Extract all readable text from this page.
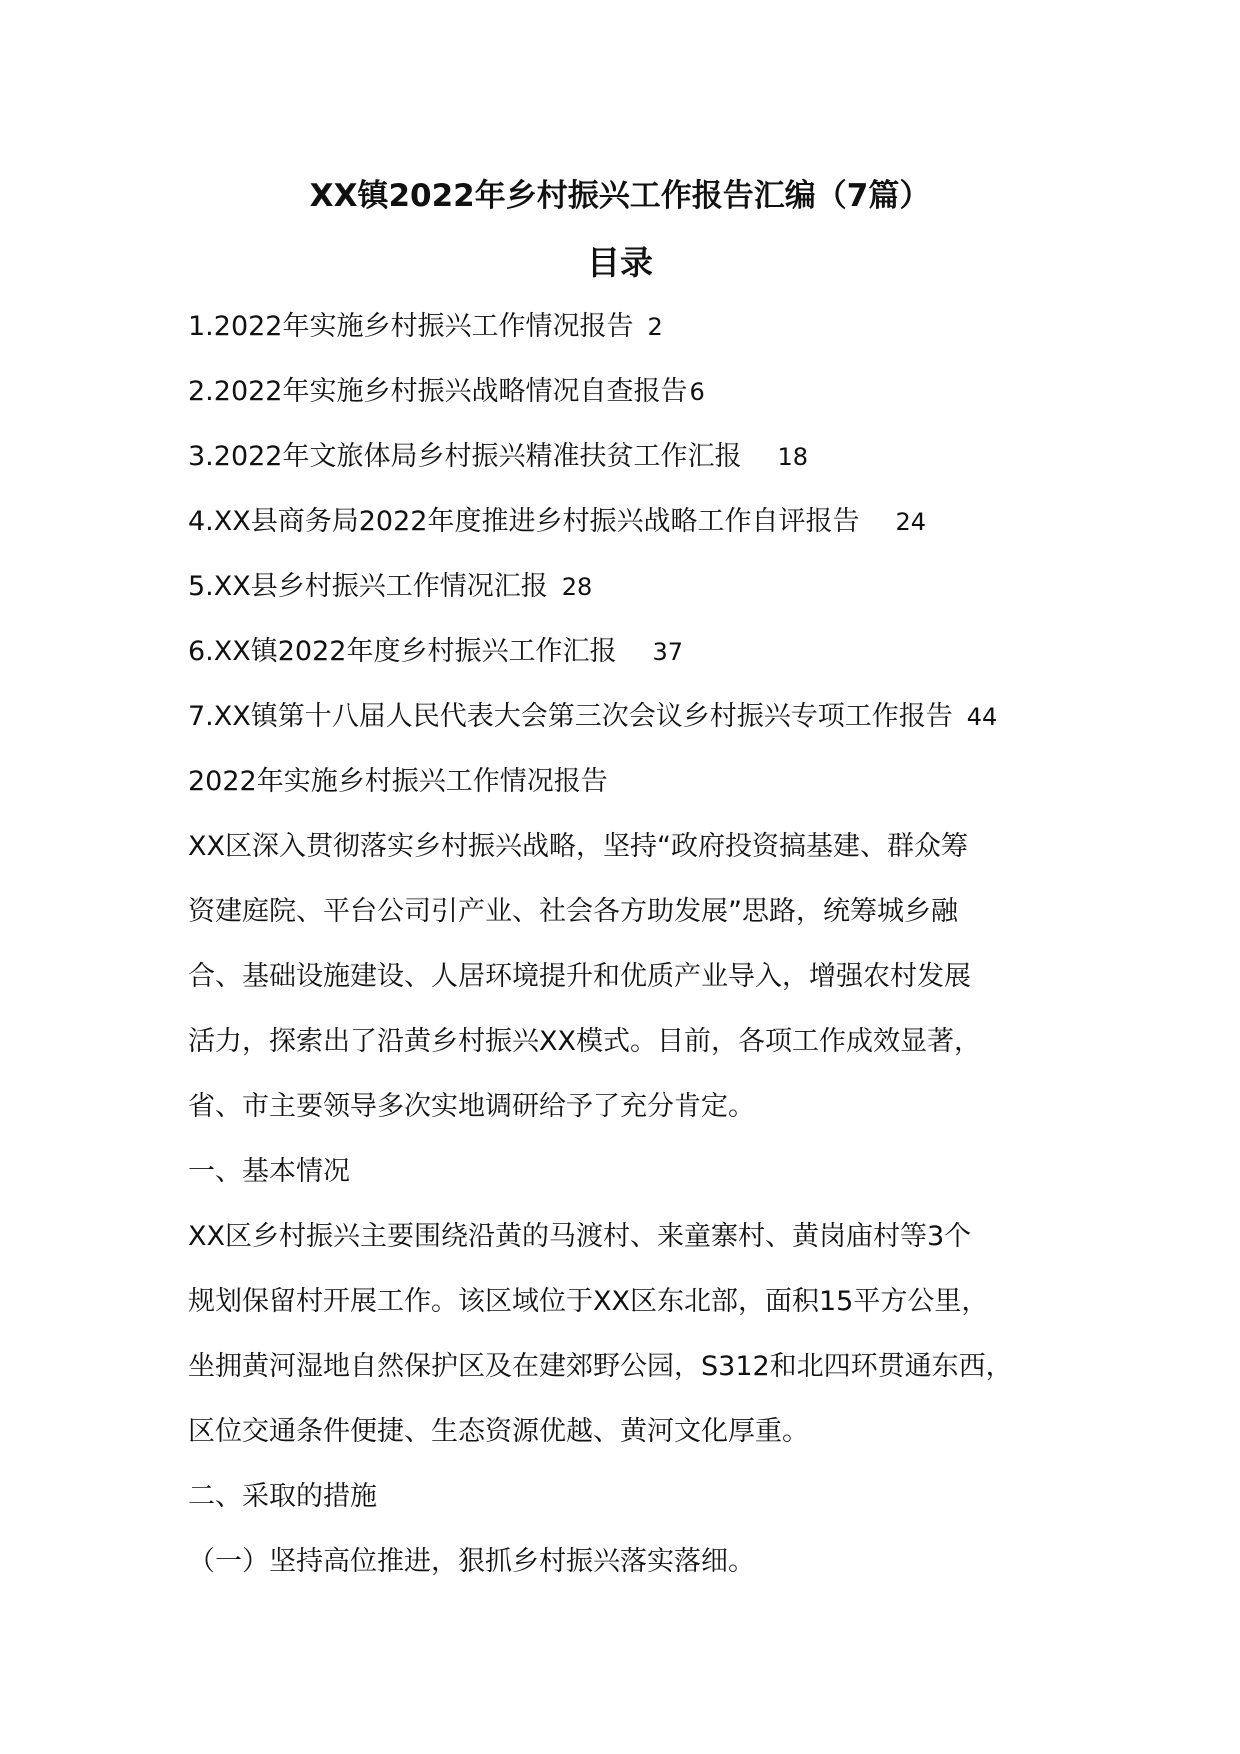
XX镇2022年乡村振兴工作报告汇编（7篇）
目录
1.2022年实施乡村振兴工作情况报告 2
2.2022年实施乡村振兴战略情况自查报告 6
3.2022年文旅体局乡村振兴精准扶贫工作汇报 18
4.XX县商务局2022年度推进乡村振兴战略工作自评报告 24
5.XX县乡村振兴工作情况汇报 28
6.XX镇2022年度乡村振兴工作汇报 37
7.XX镇第十八届人民代表大会第三次会议乡村振兴专项工作报告 44
2022年实施乡村振兴工作情况报告
XX区深入贯彻落实乡村振兴战略，坚持“政府投资搞基建、群众筹
资建庭院、平台公司引产业、社会各方助发展”思路，统筹城乡融
合、基础设施建设、人居环境提升和优质产业导入，增强农村发展
活力，探索出了沿黄乡村振兴XX模式。目前，各项工作成效显著，
省、市主要领导多次实地调研给予了充分肯定。
一、基本情况
XX区乡村振兴主要围绕沿黄的马渡村、来童寨村、黄岗庙村等3个
规划保留村开展工作。该区域位于XX区东北部，面积15平方公里，
坐拥黄河湿地自然保护区及在建郊野公园，S312和北四环贯通东西，
区位交通条件便捷、生态资源优越、黄河文化厚重。
二、采取的措施
（一）坚持高位推进，狠抓乡村振兴落实落细。
